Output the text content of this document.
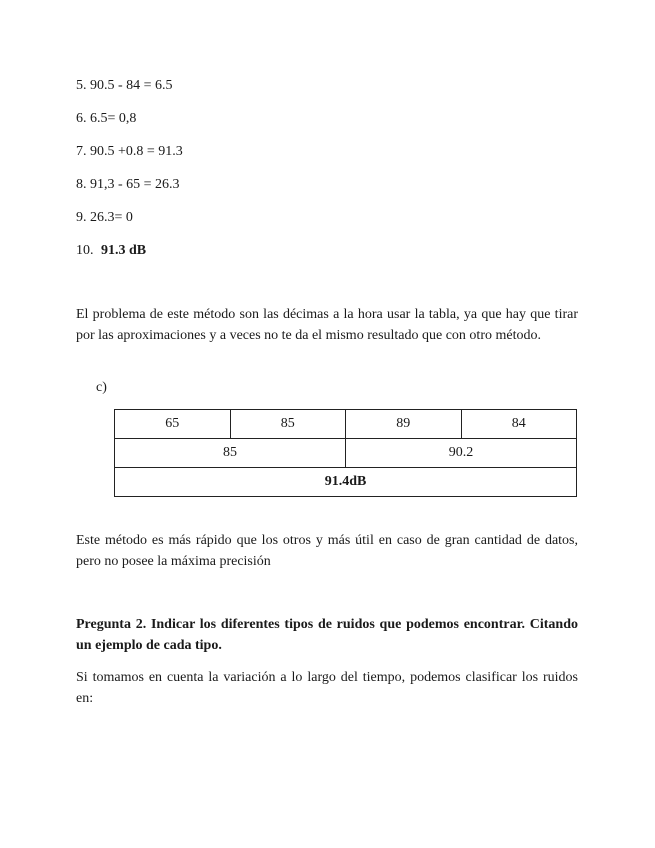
5. 90.5 - 84 = 6.5
6. 6.5= 0,8
7. 90.5 +0.8 = 91.3
8. 91,3 - 65 = 26.3
9. 26.3= 0
10. 91.3 dB
El problema de este método son las décimas a la hora usar la tabla, ya que hay que tirar por las aproximaciones y a veces no te da el mismo resultado que con otro método.
c)
65	85	89	84
85		90.2	
91.4dB			
Este método es más rápido que los otros y más útil en caso de gran cantidad de datos, pero no posee la máxima precisión
Pregunta 2. Indicar los diferentes tipos de ruidos que podemos encontrar. Citando un ejemplo de cada tipo.
Si tomamos en cuenta la variación a lo largo del tiempo, podemos clasificar los ruidos en:
